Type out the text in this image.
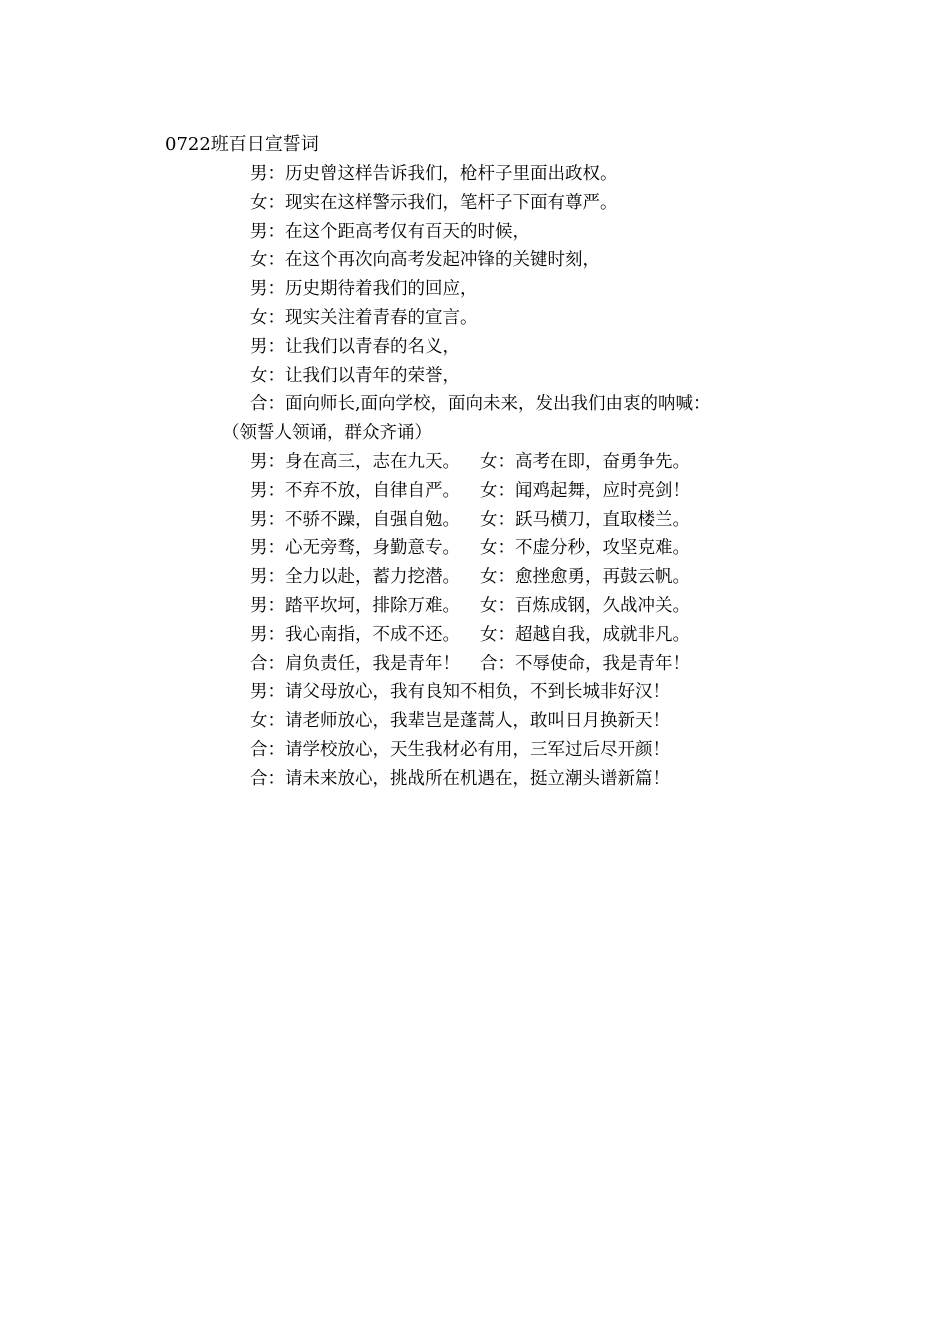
0722班百日宣誓词
男：历史曾这样告诉我们，枪杆子里面出政权。
女：现实在这样警示我们，笔杆子下面有尊严。
男：在这个距高考仅有百天的时候，
女：在这个再次向高考发起冲锋的关键时刻，
男：历史期待着我们的回应，
女：现实关注着青春的宣言。
男：让我们以青春的名义，
女：让我们以青年的荣誉，
合：面向师长,面向学校，面向未来，发出我们由衷的呐喊：
（领誓人领诵，群众齐诵）
男：身在高三，志在九天。 女：高考在即，奋勇争先。
男：不弃不放，自律自严。 女：闻鸡起舞，应时亮剑！
男：不骄不躁，自强自勉。 女：跃马横刀，直取楼兰。
男：心无旁骛，身勤意专。 女：不虚分秒，攻坚克难。
男：全力以赴，蓄力挖潜。 女：愈挫愈勇，再鼓云帆。
男：踏平坎坷，排除万难。 女：百炼成钢，久战冲关。
男：我心南指，不成不还。 女：超越自我，成就非凡。
合：肩负责任，我是青年！ 合：不辱使命，我是青年！
男：请父母放心，我有良知不相负，不到长城非好汉！
女：请老师放心，我辈岂是蓬蒿人，敢叫日月换新天！
合：请学校放心，天生我材必有用，三军过后尽开颜！
合：请未来放心，挑战所在机遇在，挺立潮头谱新篇！
